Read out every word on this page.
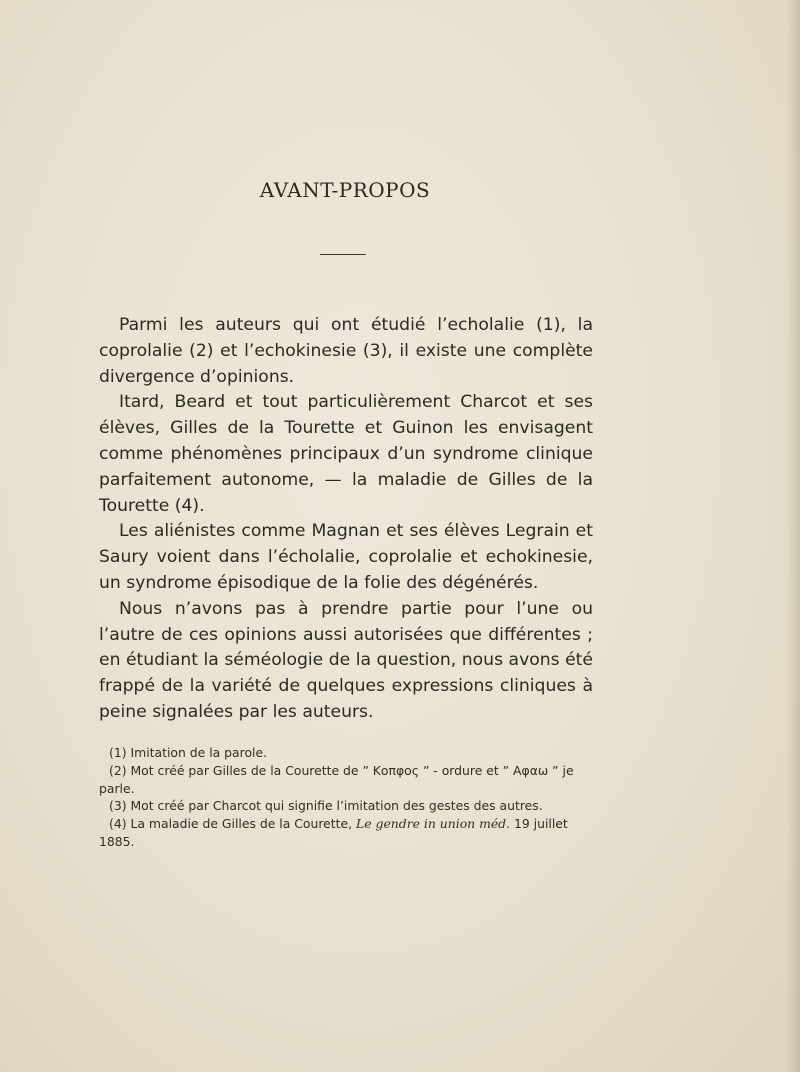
AVANT-PROPOS

Parmi les auteurs qui ont étudié l’echolalie (1), la coprolalie (2) et l’echokinesie (3), il existe une complète divergence d’opinions.

Itard, Beard et tout particulièrement Charcot et ses élèves, Gilles de la Tourette et Guinon les envisagent comme phénomènes principaux d’un syndrome clinique parfaitement autonome, — la maladie de Gilles de la Tourette (4).

Les aliénistes comme Magnan et ses élèves Legrain et Saury voient dans l’écholalie, coprolalie et echokinesie, un syndrome épisodique de la folie des dégénérés.

Nous n’avons pas à prendre partie pour l’une ou l’autre de ces opinions aussi autorisées que différentes ; en étudiant la séméologie de la question, nous avons été frappé de la variété de quelques expressions cliniques à peine signalées par les auteurs.

(1) Imitation de la parole.

(2) Mot créé par Gilles de la Courette de ” Κοπφος ” - ordure et ” Αφαω ” je parle.

(3) Mot créé par Charcot qui signifie l’imitation des gestes des autres.

(4) La maladie de Gilles de la Courette, Le gendre in union méd. 19 juillet 1885.
